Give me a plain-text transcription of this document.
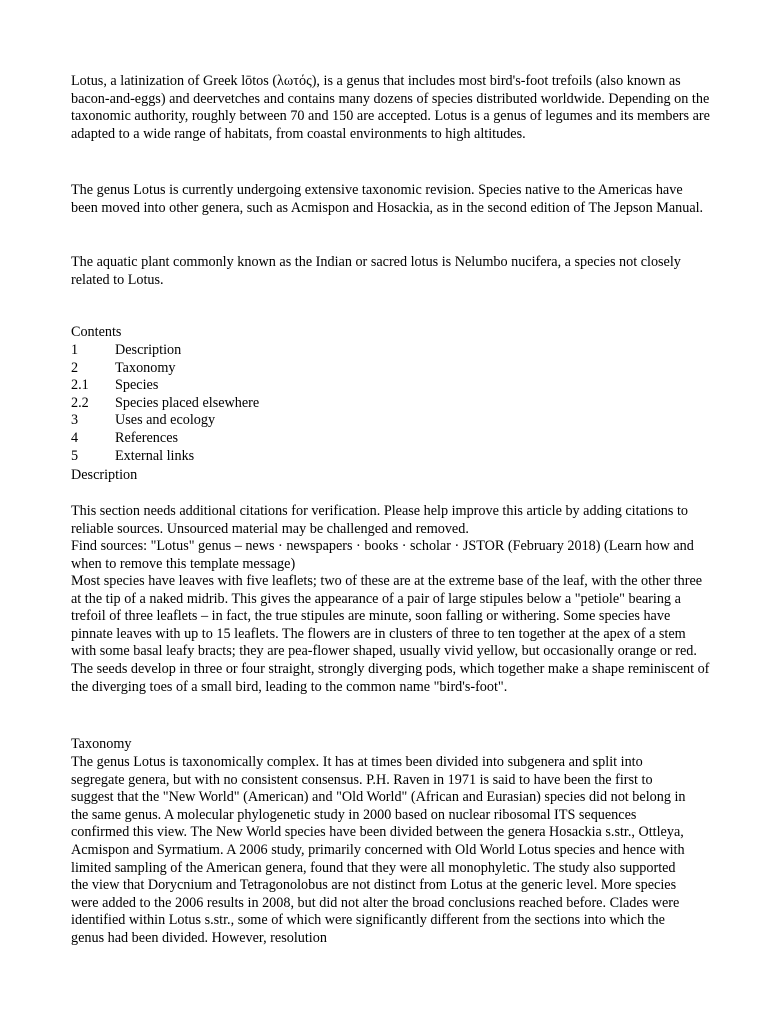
Lotus, a latinization of Greek lōtos (λωτός), is a genus that includes most bird's-foot trefoils (also known as bacon-and-eggs) and deervetches and contains many dozens of species distributed worldwide. Depending on the taxonomic authority, roughly between 70 and 150 are accepted. Lotus is a genus of legumes and its members are adapted to a wide range of habitats, from coastal environments to high altitudes.

The genus Lotus is currently undergoing extensive taxonomic revision. Species native to the Americas have been moved into other genera, such as Acmispon and Hosackia, as in the second edition of The Jepson Manual.

The aquatic plant commonly known as the Indian or sacred lotus is Nelumbo nucifera, a species not closely related to Lotus.

Contents
1	Description
2	Taxonomy
2.1	Species
2.2	Species placed elsewhere
3	Uses and ecology
4	References
5	External links
Description

This section needs additional citations for verification. Please help improve this article by adding citations to reliable sources. Unsourced material may be challenged and removed.

Find sources: "Lotus" genus – news · newspapers · books · scholar · JSTOR (February 2018) (Learn how and when to remove this template message)

Most species have leaves with five leaflets; two of these are at the extreme base of the leaf, with the other three at the tip of a naked midrib. This gives the appearance of a pair of large stipules below a "petiole" bearing a trefoil of three leaflets – in fact, the true stipules are minute, soon falling or withering. Some species have pinnate leaves with up to 15 leaflets. The flowers are in clusters of three to ten together at the apex of a stem with some basal leafy bracts; they are pea-flower shaped, usually vivid yellow, but occasionally orange or red. The seeds develop in three or four straight, strongly diverging pods, which together make a shape reminiscent of the diverging toes of a small bird, leading to the common name "bird's-foot".

Taxonomy

The genus Lotus is taxonomically complex. It has at times been divided into subgenera and split into segregate genera, but with no consistent consensus. P.H. Raven in 1971 is said to have been the first to suggest that the "New World" (American) and "Old World" (African and Eurasian) species did not belong in the same genus. A molecular phylogenetic study in 2000 based on nuclear ribosomal ITS sequences confirmed this view. The New World species have been divided between the genera Hosackia s.str., Ottleya, Acmispon and Syrmatium. A 2006 study, primarily concerned with Old World Lotus species and hence with limited sampling of the American genera, found that they were all monophyletic. The study also supported the view that Dorycnium and Tetragonolobus are not distinct from Lotus at the generic level. More species were added to the 2006 results in 2008, but did not alter the broad conclusions reached before. Clades were identified within Lotus s.str., some of which were significantly different from the sections into which the genus had been divided. However, resolution
